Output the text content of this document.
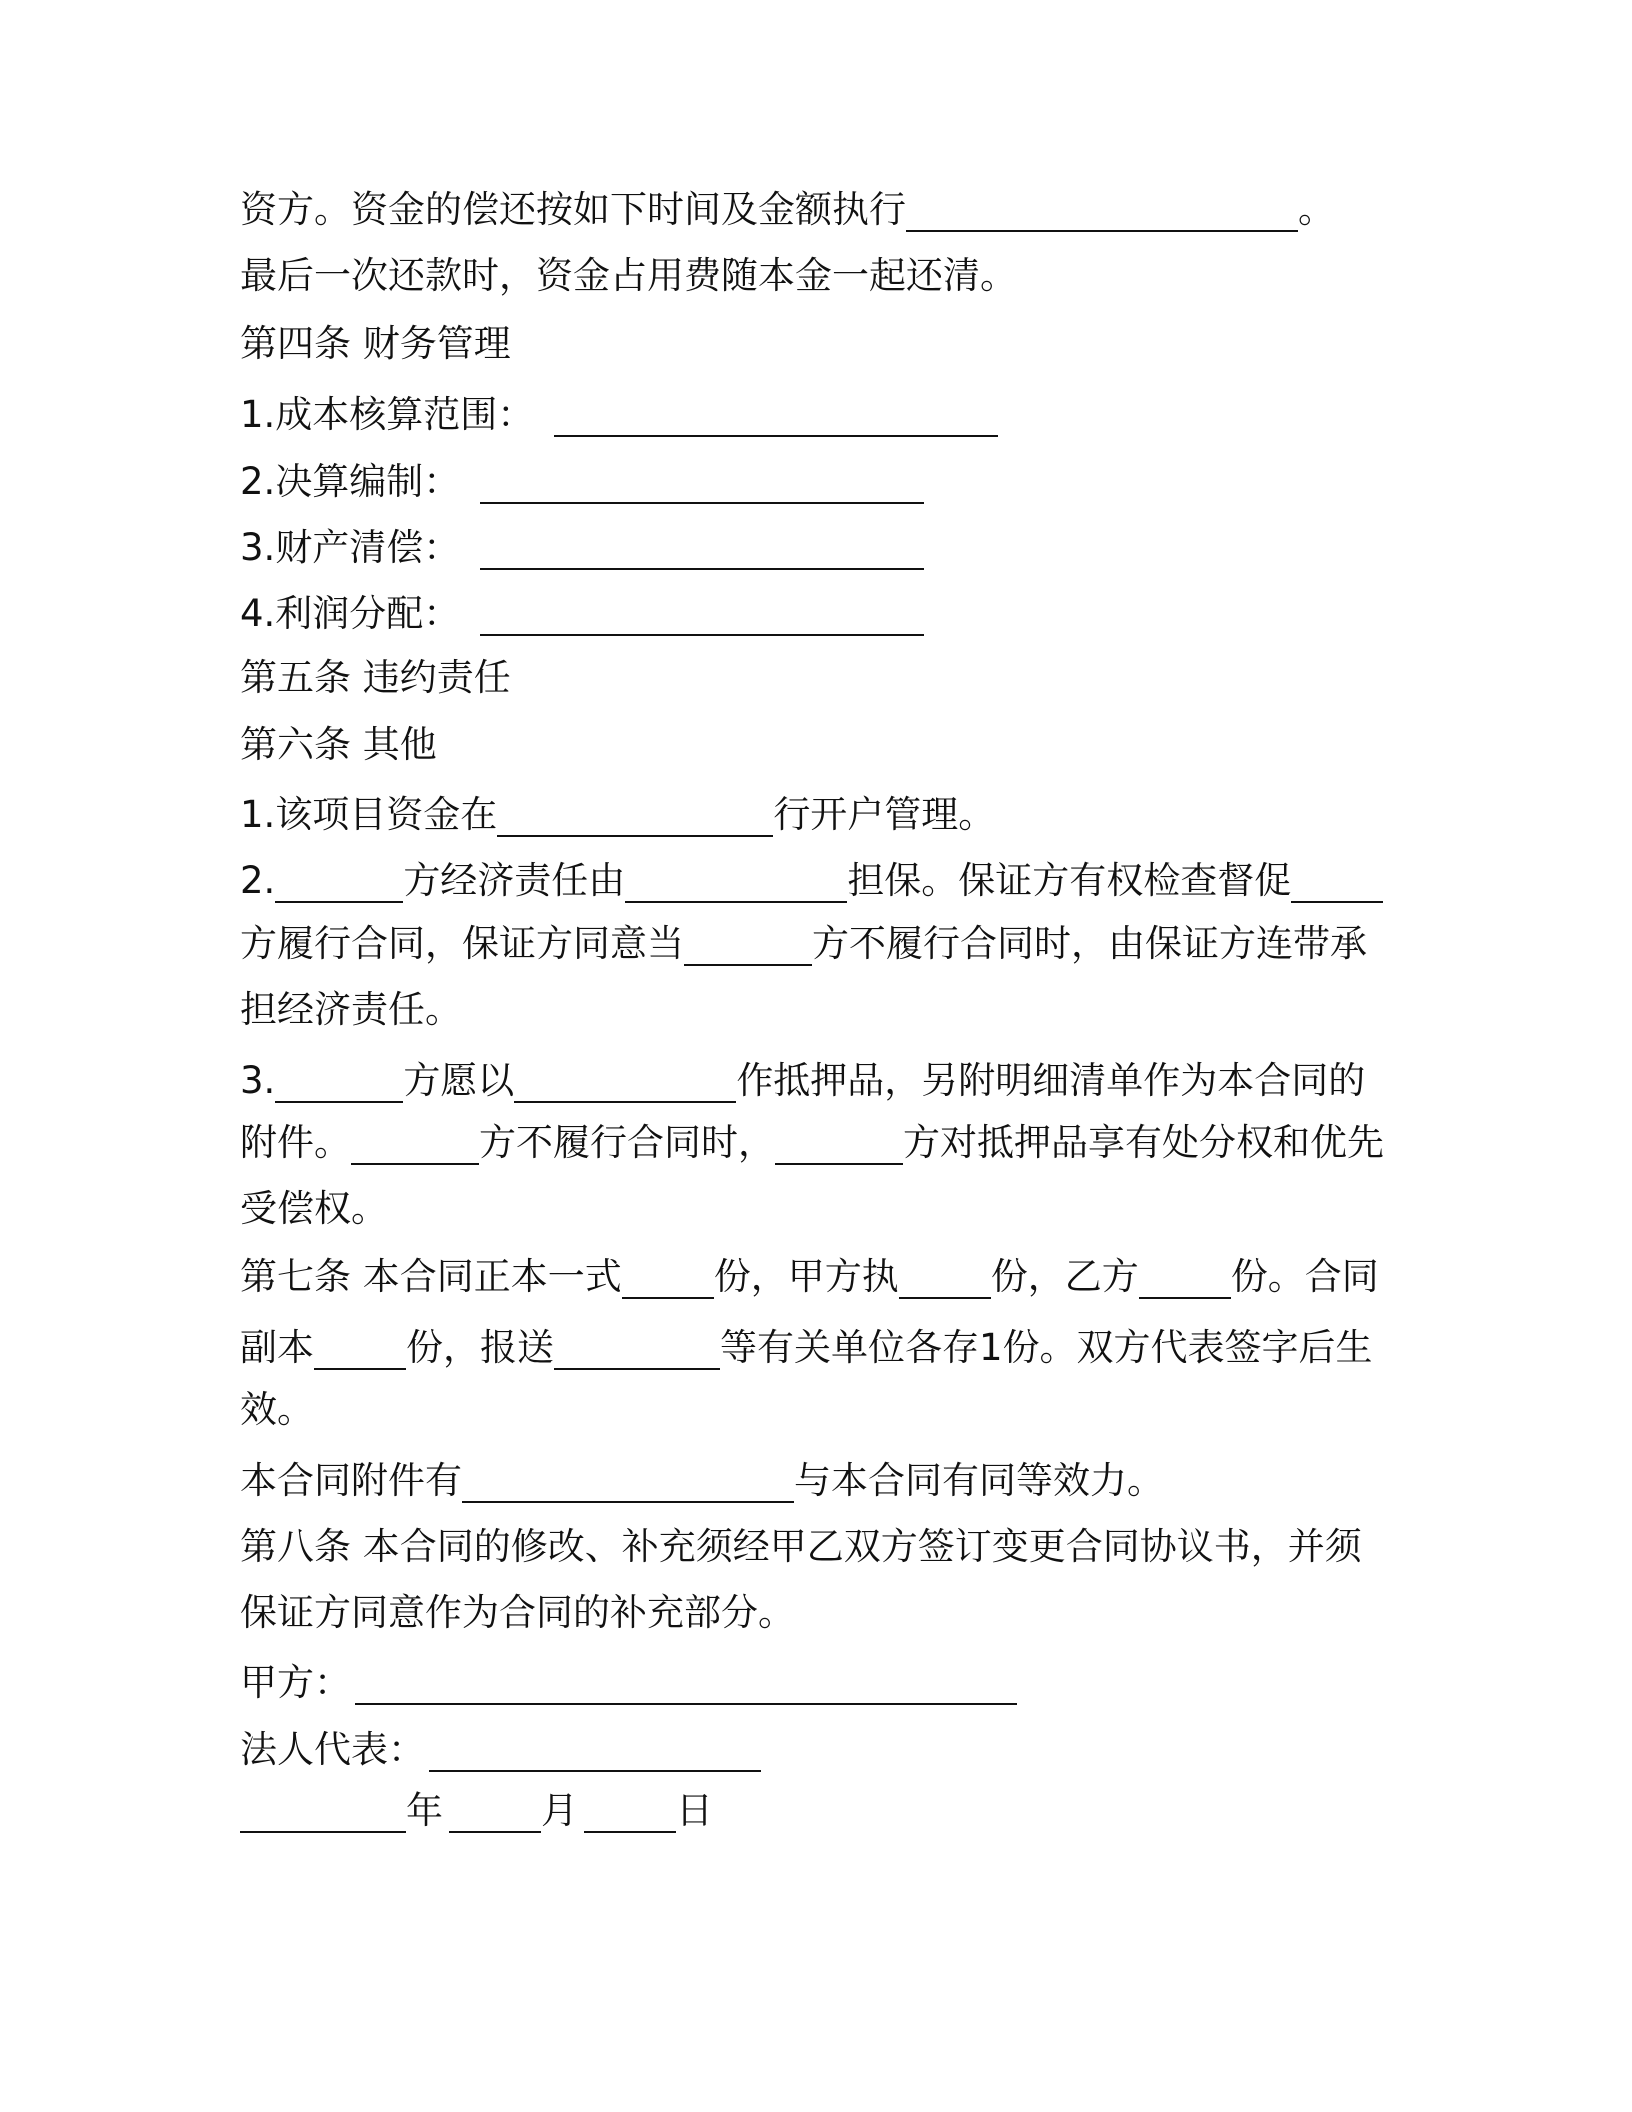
资方。资金的偿还按如下时间及金额执行	。
最后一次还款时，资金占用费随本金一起还清。
第四条 财务管理
1.成本核算范围：
2.决算编制：
3.财产清偿：
4.利润分配：
第五条 违约责任
第六条 其他
1.该项目资金在	行开户管理。
2.	方经济责任由	担保。保证方有权检查督促
方履行合同，保证方同意当	方不履行合同时，由保证方连带承
担经济责任。
3.	方愿以	作抵押品，另附明细清单作为本合同的
附件。	方不履行合同时，	方对抵押品享有处分权和优先
受偿权。
第七条 本合同正本一式 份，甲方执 份，乙方 份。合同
副本 份，报送	等有关单位各存1份。双方代表签字后生
效。
本合同附件有	与本合同有同等效力。
第八条 本合同的修改、补充须经甲乙双方签订变更合同协议书，并须
保证方同意作为合同的补充部分。
甲方：
法人代表：
年	月	日
